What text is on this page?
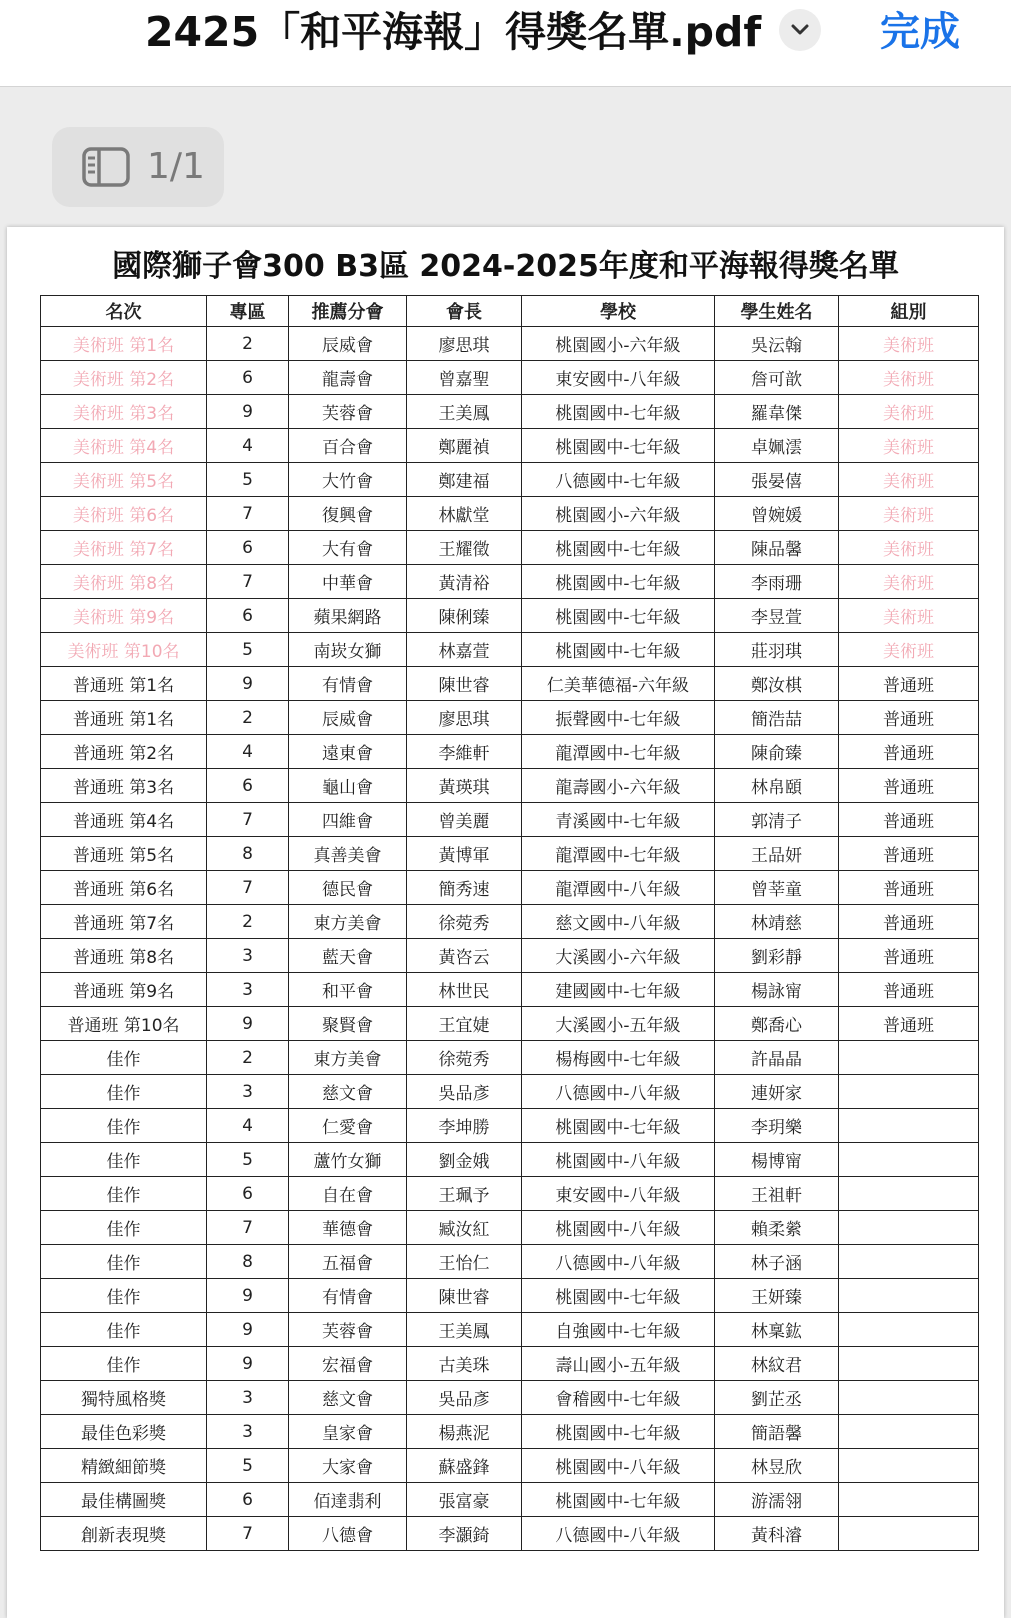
2425「和平海報」得獎名單.pdf	完成
1/1
國際獅子會300 B3區 2024-2025年度和平海報得獎名單
名次	專區	推薦分會	會長	學校	學生姓名	組別
美術班 第1名	2	辰威會	廖思琪	桃園國小-六年級	吳沄翰	美術班
美術班 第2名	6	龍壽會	曾嘉聖	東安國中-八年級	詹可歆	美術班
美術班 第3名	9	芙蓉會	王美鳳	桃園國中-七年級	羅韋傑	美術班
美術班 第4名	4	百合會	鄭麗禎	桃園國中-七年級	卓姵澐	美術班
美術班 第5名	5	大竹會	鄭建福	八德國中-七年級	張晏僖	美術班
美術班 第6名	7	復興會	林獻堂	桃園國小-六年級	曾婉媛	美術班
美術班 第7名	6	大有會	王耀徵	桃園國中-七年級	陳品馨	美術班
美術班 第8名	7	中華會	黃清裕	桃園國中-七年級	李雨珊	美術班
美術班 第9名	6	蘋果網路	陳俐臻	桃園國中-七年級	李昱萱	美術班
美術班 第10名	5	南崁女獅	林嘉萱	桃園國中-七年級	莊羽琪	美術班
普通班 第1名	9	有情會	陳世睿	仁美華德福-六年級	鄭汝棋	普通班
普通班 第1名	2	辰威會	廖思琪	振聲國中-七年級	簡浩喆	普通班
普通班 第2名	4	遠東會	李維軒	龍潭國中-七年級	陳俞臻	普通班
普通班 第3名	6	龜山會	黃瑛琪	龍壽國小-六年級	林帛頤	普通班
普通班 第4名	7	四維會	曾美麗	青溪國中-七年級	郭清子	普通班
普通班 第5名	8	真善美會	黃博軍	龍潭國中-七年級	王品妍	普通班
普通班 第6名	7	德民會	簡秀速	龍潭國中-八年級	曾莘童	普通班
普通班 第7名	2	東方美會	徐菀秀	慈文國中-八年級	林靖慈	普通班
普通班 第8名	3	藍天會	黃咨云	大溪國小-六年級	劉彩靜	普通班
普通班 第9名	3	和平會	林世民	建國國中-七年級	楊詠甯	普通班
普通班 第10名	9	聚賢會	王宜婕	大溪國小-五年級	鄭喬心	普通班
佳作	2	東方美會	徐菀秀	楊梅國中-七年級	許晶晶	
佳作	3	慈文會	吳品彥	八德國中-八年級	連妍家	
佳作	4	仁愛會	李坤勝	桃園國中-七年級	李玥樂	
佳作	5	蘆竹女獅	劉金娥	桃園國中-八年級	楊博甯	
佳作	6	自在會	王珮予	東安國中-八年級	王祖軒	
佳作	7	華德會	臧汝紅	桃園國中-八年級	賴柔縈	
佳作	8	五福會	王怡仁	八德國中-八年級	林子涵	
佳作	9	有情會	陳世睿	桃園國中-七年級	王妍臻	
佳作	9	芙蓉會	王美鳳	自強國中-七年級	林稟鈜	
佳作	9	宏福會	古美珠	壽山國小-五年級	林紋君	
獨特風格獎	3	慈文會	吳品彥	會稽國中-七年級	劉芷丞	
最佳色彩獎	3	皇家會	楊燕泥	桃園國中-七年級	簡語馨	
精緻細節獎	5	大家會	蘇盛鋒	桃園國中-八年級	林昱欣	
最佳構圖獎	6	佰達翡利	張富豪	桃園國中-七年級	游濡翎	
創新表現獎	7	八德會	李灝錡	八德國中-八年級	黃科濬	
